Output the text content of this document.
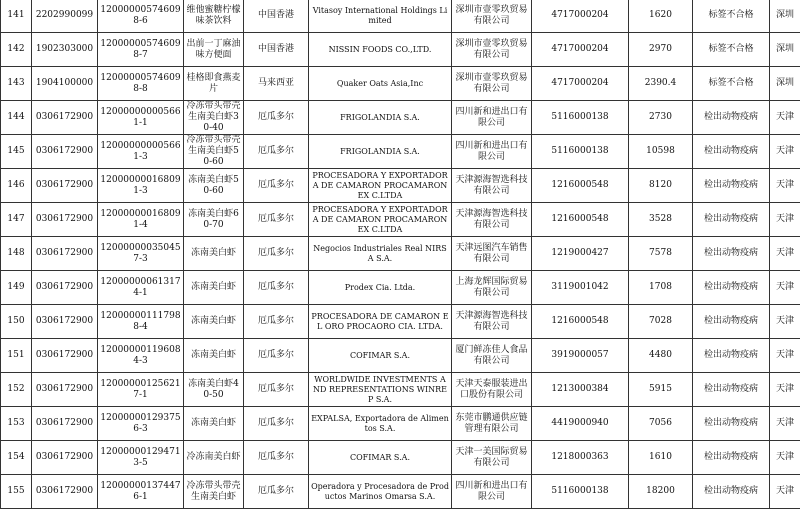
141	2202990099	120000005746098-6	维他蜜糖柠檬味茶饮料	中国香港	Vitasoy International Holdings Limited	深圳市壹零玖贸易有限公司	4717000204	1620	标签不合格	深圳
142	1902303000	120000005746098-7	出前一丁麻油味方便面	中国香港	NISSIN FOODS CO.,LTD.	深圳市壹零玖贸易有限公司	4717000204	2970	标签不合格	深圳
143	1904100000	120000005746098-8	桂格即食燕麦片	马来西亚	Quaker Oats Asia,Inc	深圳市壹零玖贸易有限公司	4717000204	2390.4	标签不合格	深圳
144	0306172900	120000000005661-1	冷冻带头带壳生南美白虾30-40	厄瓜多尔	FRIGOLANDIA S.A.	四川新和进出口有限公司	5116000138	2730	检出动物疫病	天津
145	0306172900	120000000005661-3	冷冻带头带壳生南美白虾50-60	厄瓜多尔	FRIGOLANDIA S.A.	四川新和进出口有限公司	5116000138	10598	检出动物疫病	天津
146	0306172900	120000000168091-3	冻南美白虾50-60	厄瓜多尔	PROCESADORA Y EXPORTADORA DE CAMARON PROCAMARONEX C.LTDA	天津源海智选科技有限公司	1216000548	8120	检出动物疫病	天津
147	0306172900	120000000168091-4	冻南美白虾60-70	厄瓜多尔	PROCESADORA Y EXPORTADORA DE CAMARON PROCAMARONEX C.LTDA	天津源海智选科技有限公司	1216000548	3528	检出动物疫病	天津
148	0306172900	120000000350457-3	冻南美白虾	厄瓜多尔	Negocios Industriales Real NIRSA S.A.	天津远图汽车销售有限公司	1219000427	7578	检出动物疫病	天津
149	0306172900	120000000613174-1	冻南美白虾	厄瓜多尔	Prodex Cia. Ltda.	上海龙辉国际贸易有限公司	3119001042	1708	检出动物疫病	天津
150	0306172900	120000001117988-4	冻南美白虾	厄瓜多尔	PROCESADORA DE CAMARON EL ORO PROCAORO CIA. LTDA.	天津源海智选科技有限公司	1216000548	7028	检出动物疫病	天津
151	0306172900	120000001196084-3	冻南美白虾	厄瓜多尔	COFIMAR S.A.	厦门鲜冻佳人食品有限公司	3919000057	4480	检出动物疫病	天津
152	0306172900	120000001256217-1	冻南美白虾40-50	厄瓜多尔	WORLDWIDE INVESTMENTS AND REPRESENTATIONS WINREP S.A.	天津天泰服装进出口股份有限公司	1213000384	5915	检出动物疫病	天津
153	0306172900	120000001293756-3	冻南美白虾	厄瓜多尔	EXPALSA, Exportadora de Alimentos S.A.	东莞市鹏通供应链管理有限公司	4419000940	7056	检出动物疫病	天津
154	0306172900	120000001294713-5	冷冻南美白虾	厄瓜多尔	COFIMAR S.A.	天津一美国际贸易有限公司	1218000363	1610	检出动物疫病	天津
155	0306172900	120000001374476-1	冷冻带头带壳生南美白虾	厄瓜多尔	Operadora y Procesadora de Productos Marinos Omarsa S.A.	四川新和进出口有限公司	5116000138	18200	检出动物疫病	天津
